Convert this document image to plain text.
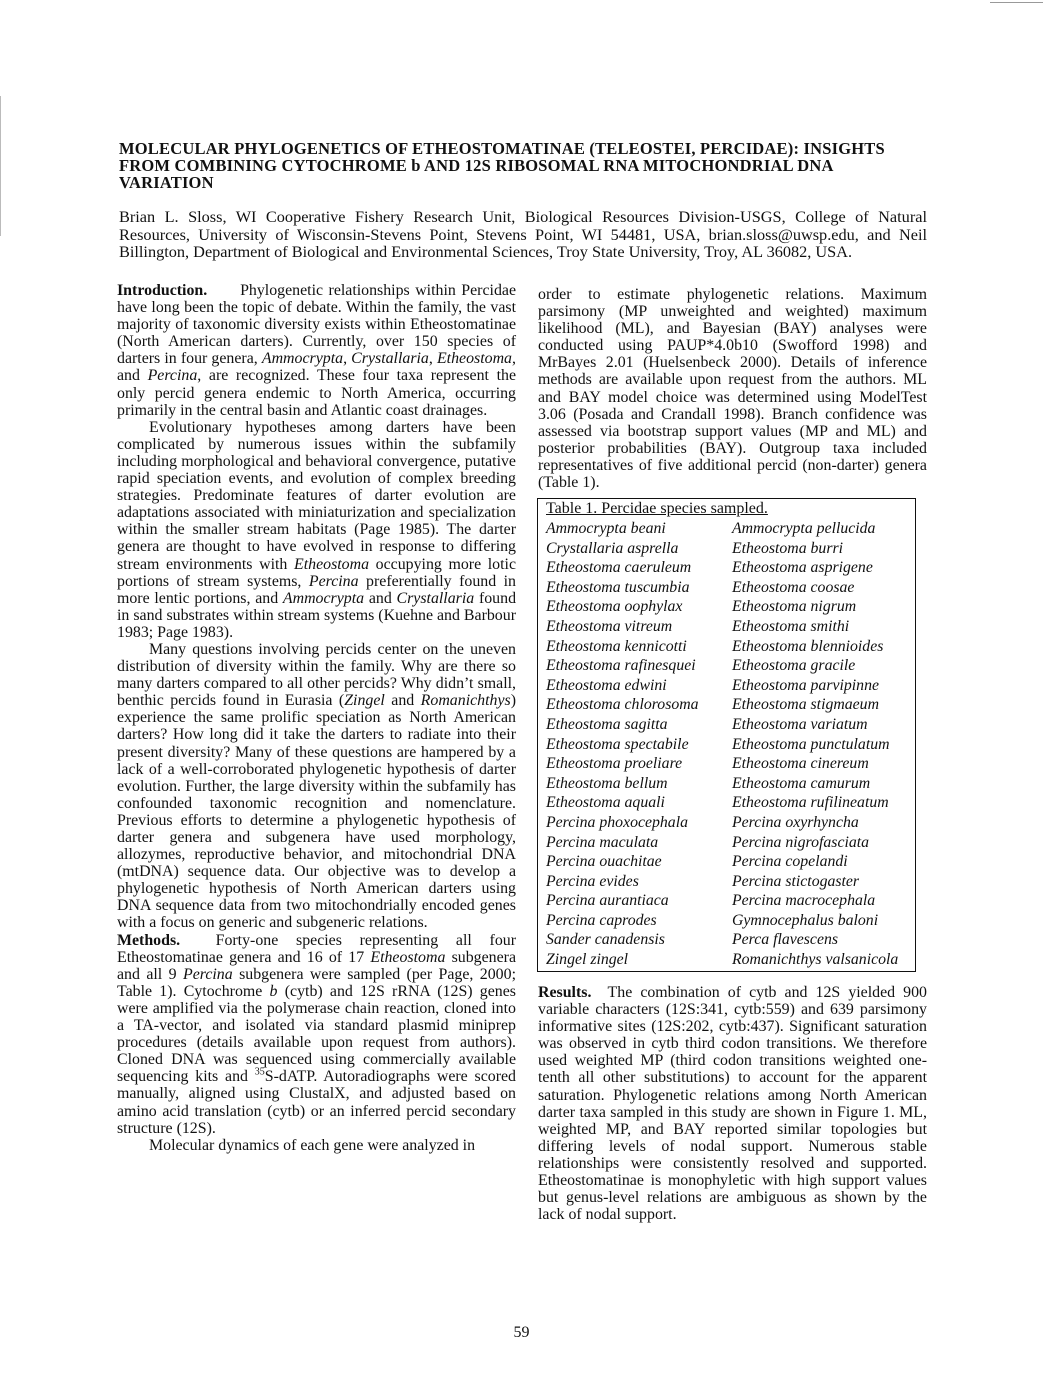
MOLECULAR PHYLOGENETICS OF ETHEOSTOMATINAE (TELEOSTEI, PERCIDAE): INSIGHTS
FROM COMBINING CYTOCHROME b AND 12S RIBOSOMAL RNA MITOCHONDRIAL DNA
VARIATION
Brian L. Sloss, WI Cooperative Fishery Research Unit, Biological Resources Division-USGS, College of Natural Resources, University of Wisconsin-Stevens Point, Stevens Point, WI 54481, USA, brian.sloss@uwsp.edu, and Neil Billington, Department of Biological and Environmental Sciences, Troy State University, Troy, AL 36082, USA.

Introduction. Phylogenetic relationships within Percidae have long been the topic of debate. Within the family, the vast majority of taxonomic diversity exists within Etheostomatinae (North American darters). Currently, over 150 species of darters in four genera, Ammocrypta, Crystallaria, Etheostoma, and Percina, are recognized. These four taxa represent the only percid genera endemic to North America, occurring primarily in the central basin and Atlantic coast drainages.

Evolutionary hypotheses among darters have been complicated by numerous issues within the subfamily including morphological and behavioral convergence, putative rapid speciation events, and evolution of complex breeding strategies. Predominate features of darter evolution are adaptations associated with miniaturization and specialization within the smaller stream habitats (Page 1985). The darter genera are thought to have evolved in response to differing stream environments with Etheostoma occupying more lotic portions of stream systems, Percina preferentially found in more lentic portions, and Ammocrypta and Crystallaria found in sand substrates within stream systems (Kuehne and Barbour 1983; Page 1983).

Many questions involving percids center on the uneven distribution of diversity within the family. Why are there so many darters compared to all other percids? Why didn’t small, benthic percids found in Eurasia (Zingel and Romanichthys) experience the same prolific speciation as North American darters? How long did it take the darters to radiate into their present diversity? Many of these questions are hampered by a lack of a well-corroborated phylogenetic hypothesis of darter evolution. Further, the large diversity within the subfamily has confounded taxonomic recognition and nomenclature. Previous efforts to determine a phylogenetic hypothesis of darter genera and subgenera have used morphology, allozymes, reproductive behavior, and mitochondrial DNA (mtDNA) sequence data. Our objective was to develop a phylogenetic hypothesis of North American darters using DNA sequence data from two mitochondrially encoded genes with a focus on generic and subgeneric relations.

Methods. Forty-one species representing all four Etheostomatinae genera and 16 of 17 Etheostoma subgenera and all 9 Percina subgenera were sampled (per Page, 2000; Table 1). Cytochrome b (cytb) and 12S rRNA (12S) genes were amplified via the polymerase chain reaction, cloned into a TA-vector, and isolated via standard plasmid miniprep procedures (details available upon request from authors). Cloned DNA was sequenced using commercially available sequencing kits and $^{35}$S-dATP. Autoradiographs were scored manually, aligned using ClustalX, and adjusted based on amino acid translation (cytb) or an inferred percid secondary structure (12S).

Molecular dynamics of each gene were analyzed in

order to estimate phylogenetic relations. Maximum parsimony (MP unweighted and weighted) maximum likelihood (ML), and Bayesian (BAY) analyses were conducted using PAUP*4.0b10 (Swofford 1998) and MrBayes 2.01 (Huelsenbeck 2000). Details of inference methods are available upon request from the authors. ML and BAY model choice was determined using ModelTest 3.06 (Posada and Crandall 1998). Branch confidence was assessed via bootstrap support values (MP and ML) and posterior probabilities (BAY). Outgroup taxa included representatives of five additional percid (non-darter) genera (Table 1).

Table 1. Percidae species sampled.
Ammocrypta beani	Ammocrypta pellucida
Crystallaria asprella	Etheostoma burri
Etheostoma caeruleum	Etheostoma asprigene
Etheostoma tuscumbia	Etheostoma coosae
Etheostoma oophylax	Etheostoma nigrum
Etheostoma vitreum	Etheostoma smithi
Etheostoma kennicotti	Etheostoma blennioides
Etheostoma rafinesquei	Etheostoma gracile
Etheostoma edwini	Etheostoma parvipinne
Etheostoma chlorosoma	Etheostoma stigmaeum
Etheostoma sagitta	Etheostoma variatum
Etheostoma spectabile	Etheostoma punctulatum
Etheostoma proeliare	Etheostoma cinereum
Etheostoma bellum	Etheostoma camurum
Etheostoma aquali	Etheostoma rufilineatum
Percina phoxocephala	Percina oxyrhyncha
Percina maculata	Percina nigrofasciata
Percina ouachitae	Percina copelandi
Percina evides	Percina stictogaster
Percina aurantiaca	Percina macrocephala
Percina caprodes	Gymnocephalus baloni
Sander canadensis	Perca flavescens
Zingel zingel	Romanichthys valsanicola

Results. The combination of cytb and 12S yielded 900 variable characters (12S:341, cytb:559) and 639 parsimony informative sites (12S:202, cytb:437). Significant saturation was observed in cytb third codon transitions. We therefore used weighted MP (third codon transitions weighted one-tenth all other substitutions) to account for the apparent saturation. Phylogenetic relations among North American darter taxa sampled in this study are shown in Figure 1. ML, weighted MP, and BAY reported similar topologies but differing levels of nodal support. Numerous stable relationships were consistently resolved and supported. Etheostomatinae is monophyletic with high support values but genus-level relations are ambiguous as shown by the lack of nodal support.

59
